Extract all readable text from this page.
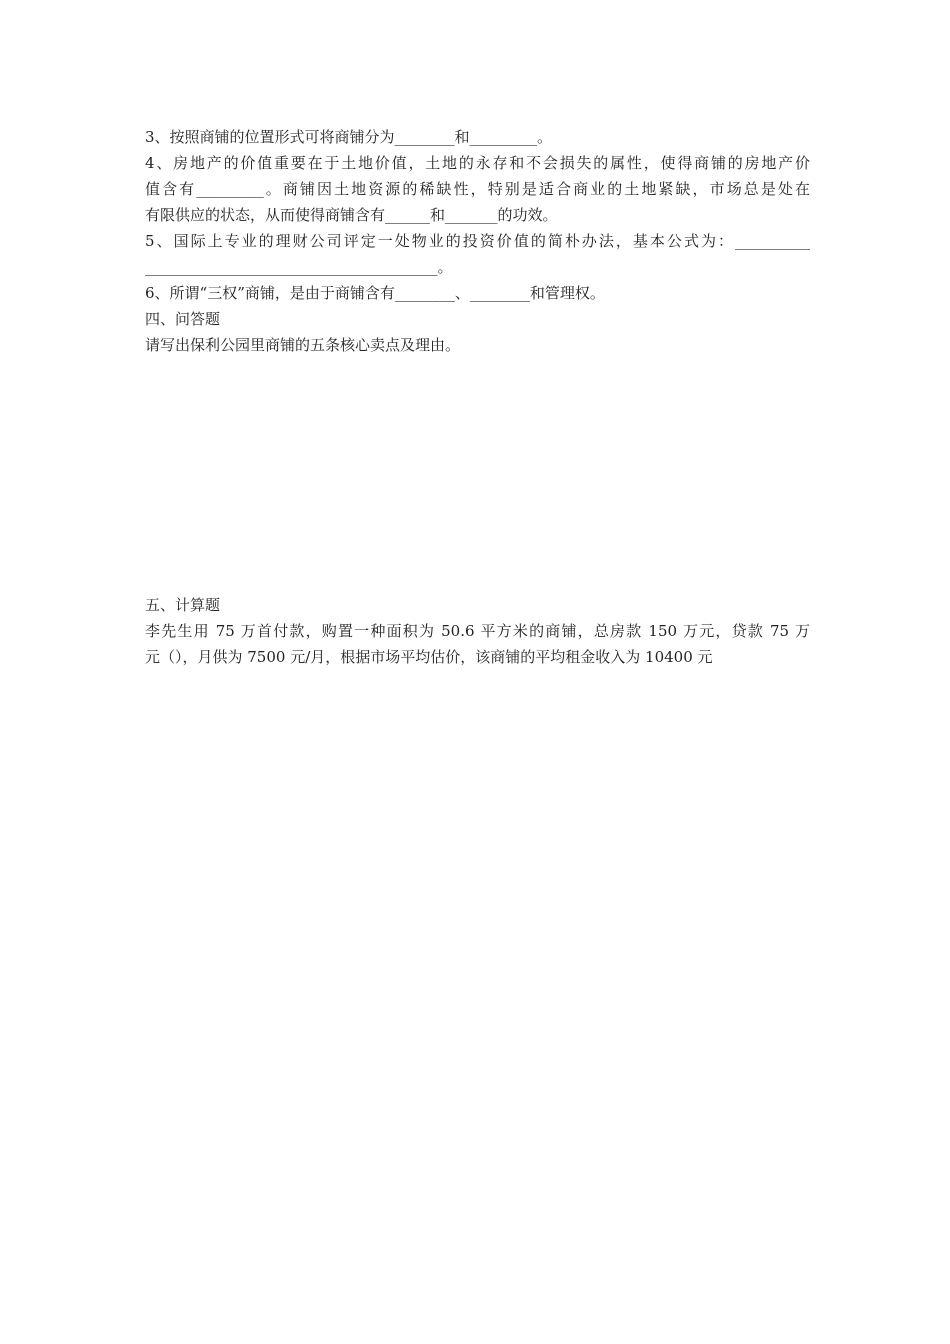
3、按照商铺的位置形式可将商铺分为________和_________。

4、房地产的价值重要在于土地价值，土地的永存和不会损失的属性，使得商铺的房地产价

值含有_________。商铺因土地资源的稀缺性，特别是适合商业的土地紧缺，市场总是处在

有限供应的状态，从而使得商铺含有______和_______的功效。

5、国际上专业的理财公司评定一处物业的投资价值的简朴办法，基本公式为：__________

_______________________________________。

6、所谓“三权”商铺，是由于商铺含有________、________和管理权。

四、问答题

请写出保利公园里商铺的五条核心卖点及理由。

五、计算题

李先生用 75 万首付款，购置一种面积为 50.6 平方米的商铺，总房款 150 万元，贷款 75 万

元（），月供为 7500 元/月，根据市场平均估价，该商铺的平均租金收入为 10400 元
